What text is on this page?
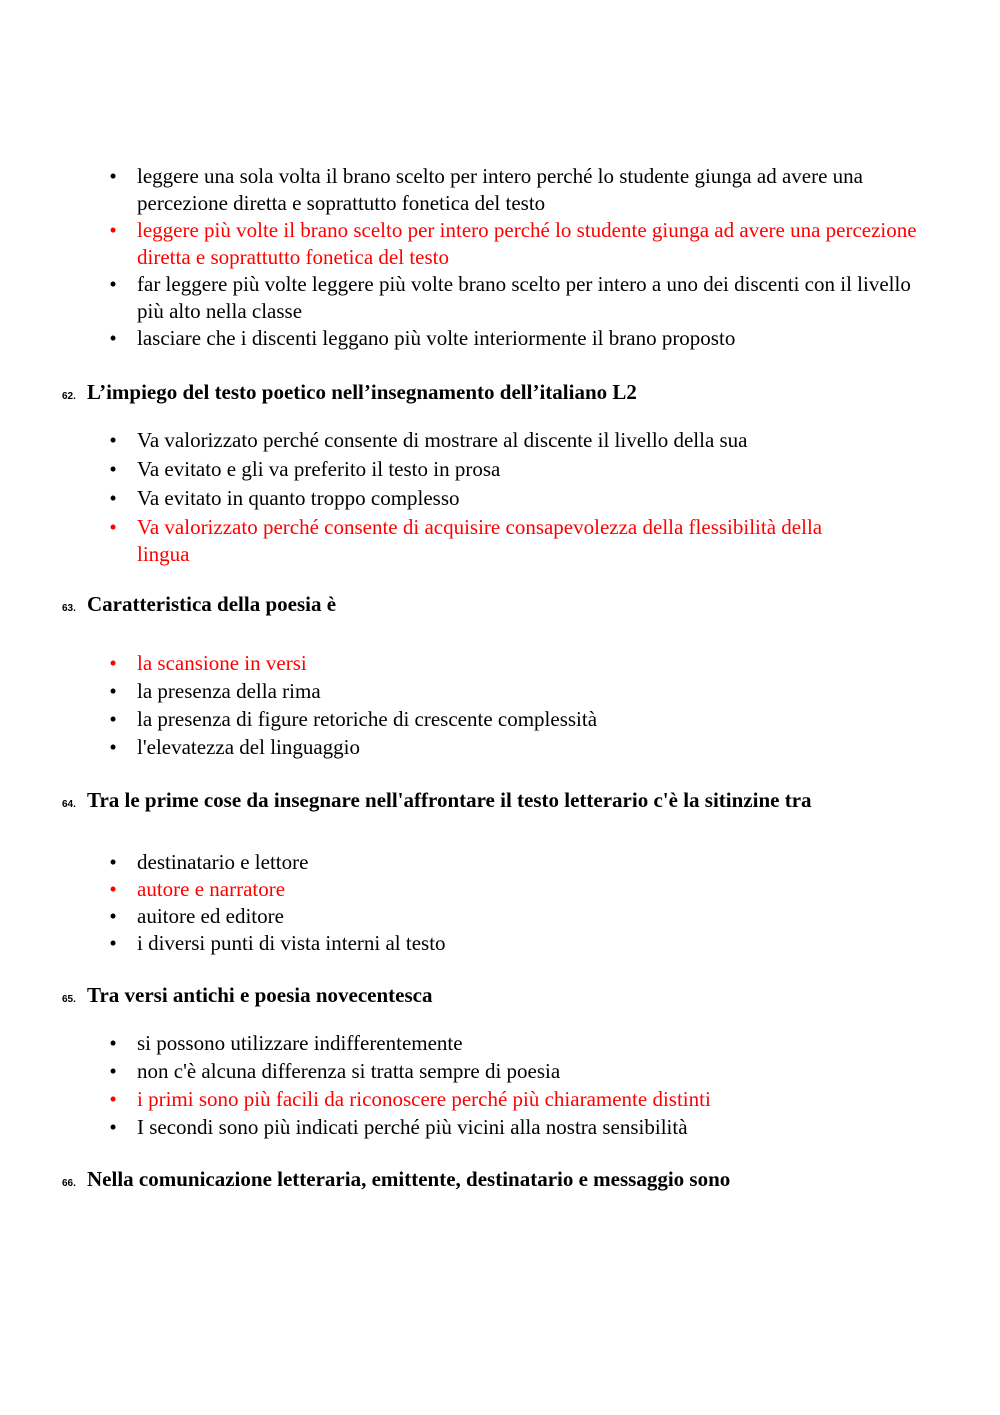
• leggere una sola volta il brano scelto per intero perché lo studente giunga ad avere una percezione diretta e soprattutto fonetica del testo
• leggere più volte il brano scelto per intero perché lo studente giunga ad avere una percezione diretta e soprattutto fonetica del testo
• far leggere più volte leggere più volte brano scelto per intero a uno dei discenti con il livello più alto nella classe
• lasciare che i discenti leggano più volte interiormente il brano proposto
62. L’impiego del testo poetico nell’insegnamento dell’italiano L2
• Va valorizzato perché consente di mostrare al discente il livello della sua
• Va evitato e gli va preferito il testo in prosa
• Va evitato in quanto troppo complesso
• Va valorizzato perché consente di acquisire consapevolezza della flessibilità della lingua
63. Caratteristica della poesia è
• la scansione in versi
• la presenza della rima
• la presenza di figure retoriche di crescente complessità
• l'elevatezza del linguaggio
64. Tra le prime cose da insegnare nell'affrontare il testo letterario c'è la sitinzine tra
• destinatario e lettore
• autore e narratore
• auitore ed editore
• i diversi punti di vista interni al testo
65. Tra versi antichi e poesia novecentesca
• si possono utilizzare indifferentemente
• non c'è alcuna differenza si tratta sempre di poesia
• i primi sono più facili da riconoscere perché più chiaramente distinti
• I secondi sono più indicati perché più vicini alla nostra sensibilità
66. Nella comunicazione letteraria, emittente, destinatario e messaggio sono
